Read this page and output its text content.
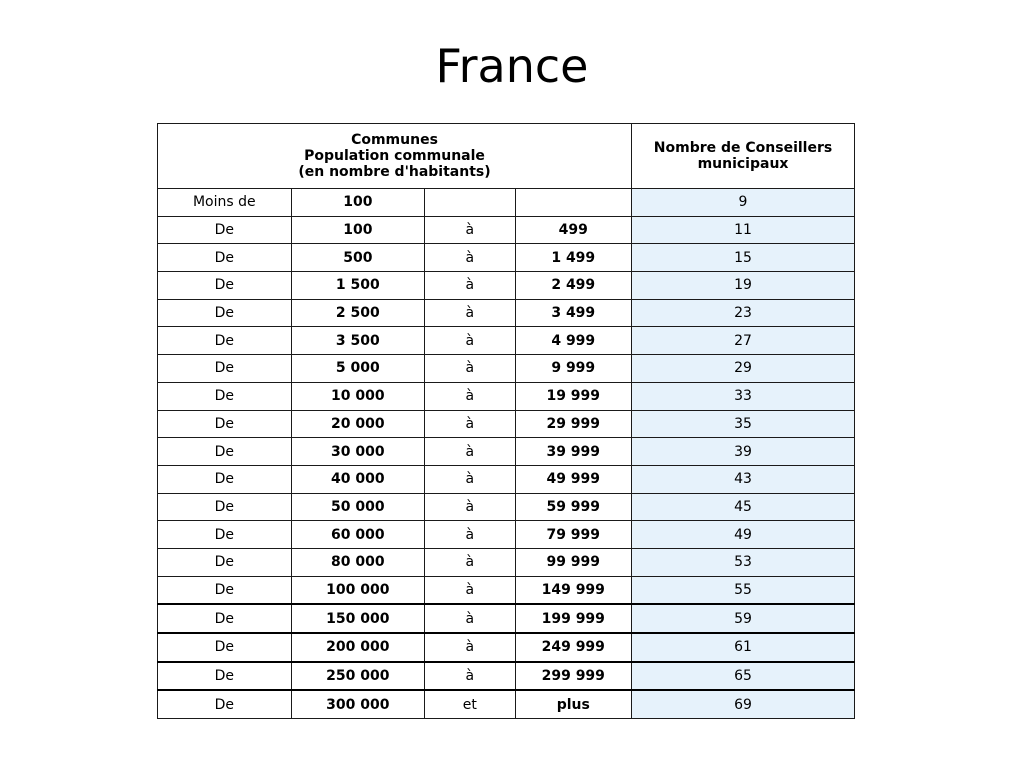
France
Communes
Population communale
(en nombre d'habitants)				Nombre de Conseillers
municipaux

Moins de	100			9
De	100	à	499	11
De	500	à	1 499	15
De	1 500	à	2 499	19
De	2 500	à	3 499	23
De	3 500	à	4 999	27
De	5 000	à	9 999	29
De	10 000	à	19 999	33
De	20 000	à	29 999	35
De	30 000	à	39 999	39
De	40 000	à	49 999	43
De	50 000	à	59 999	45
De	60 000	à	79 999	49
De	80 000	à	99 999	53
De	100 000	à	149 999	55
De	150 000	à	199 999	59
De	200 000	à	249 999	61
De	250 000	à	299 999	65
De	300 000	et	plus	69
